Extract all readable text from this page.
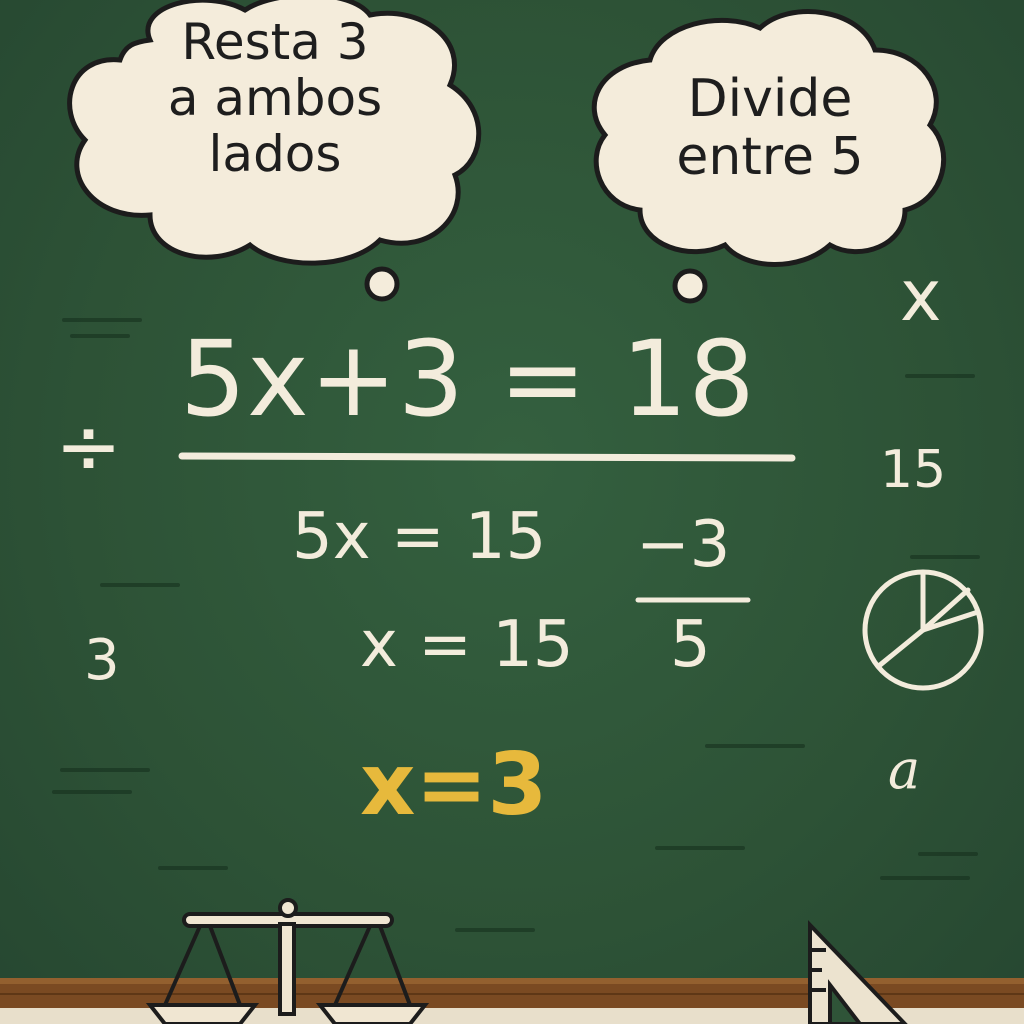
Resta 3
a ambos
lados
Divide
entre 5
5x+3 = 18
5x = 15 −3
x = 15 5
x=3
÷
x
15
3
a
